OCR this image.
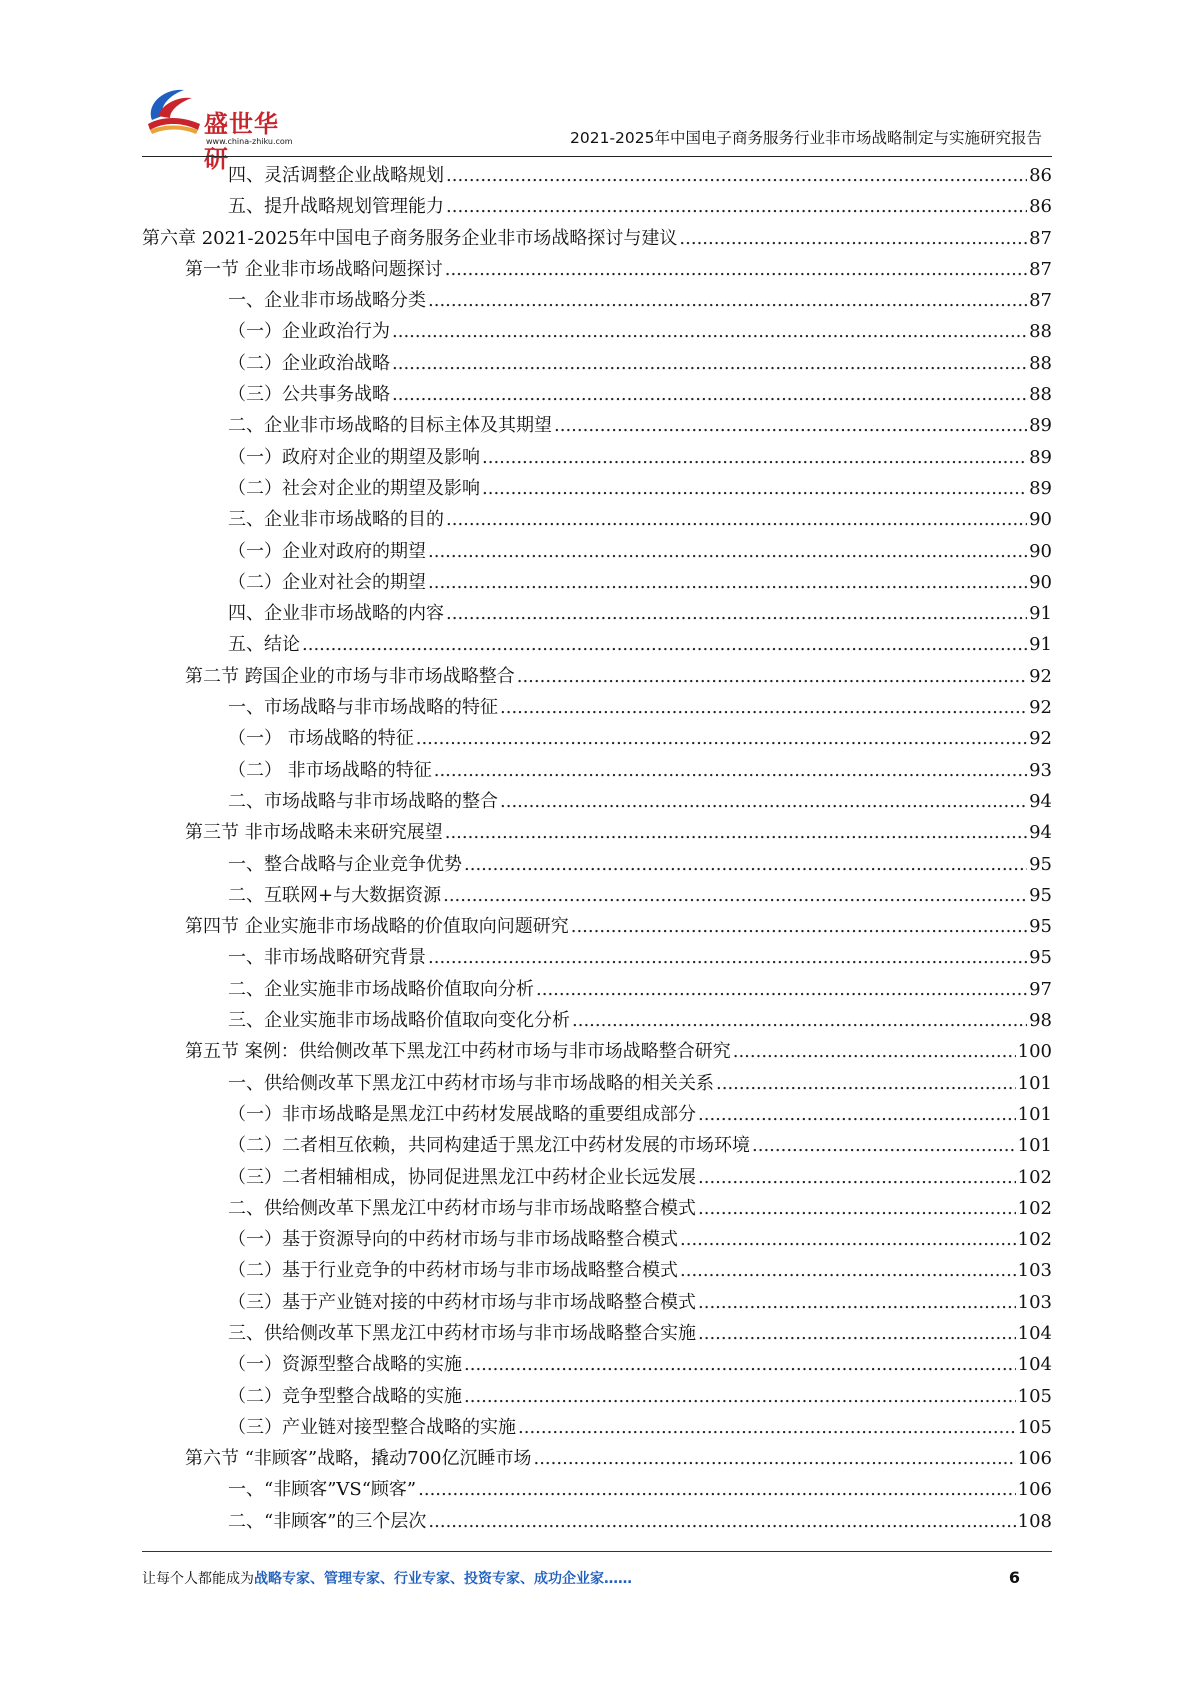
盛世华研
www.china-zhiku.com	2021-2025年中国电子商务服务行业非市场战略制定与实施研究报告
四、灵活调整企业战略规划 .....	86
五、提升战略规划管理能力 .....	86
第六章 2021-2025年中国电子商务服务企业非市场战略探讨与建议 .....	87
第一节 企业非市场战略问题探讨 .....	87
一、企业非市场战略分类 .....	87
（一）企业政治行为 .....	88
（二）企业政治战略 .....	88
（三）公共事务战略 .....	88
二、企业非市场战略的目标主体及其期望 .....	89
（一）政府对企业的期望及影响 .....	89
（二）社会对企业的期望及影响 .....	89
三、企业非市场战略的目的 .....	90
（一）企业对政府的期望 .....	90
（二）企业对社会的期望 .....	90
四、企业非市场战略的内容 .....	91
五、结论 .....	91
第二节 跨国企业的市场与非市场战略整合 .....	92
一、市场战略与非市场战略的特征 .....	92
（一） 市场战略的特征 .....	92
（二） 非市场战略的特征 .....	93
二、市场战略与非市场战略的整合 .....	94
第三节 非市场战略未来研究展望 .....	94
一、整合战略与企业竞争优势 .....	95
二、互联网+与大数据资源 .....	95
第四节 企业实施非市场战略的价值取向问题研究 .....	95
一、非市场战略研究背景 .....	95
二、企业实施非市场战略价值取向分析 .....	97
三、企业实施非市场战略价值取向变化分析 .....	98
第五节 案例：供给侧改革下黑龙江中药材市场与非市场战略整合研究 .....	100
一、供给侧改革下黑龙江中药材市场与非市场战略的相关关系 .....	101
（一）非市场战略是黑龙江中药材发展战略的重要组成部分 .....	101
（二）二者相互依赖，共同构建适于黑龙江中药材发展的市场环境 .....	101
（三）二者相辅相成，协同促进黑龙江中药材企业长远发展 .....	102
二、供给侧改革下黑龙江中药材市场与非市场战略整合模式 .....	102
（一）基于资源导向的中药材市场与非市场战略整合模式 .....	102
（二）基于行业竞争的中药材市场与非市场战略整合模式 .....	103
（三）基于产业链对接的中药材市场与非市场战略整合模式 .....	103
三、供给侧改革下黑龙江中药材市场与非市场战略整合实施 .....	104
（一）资源型整合战略的实施 .....	104
（二）竞争型整合战略的实施 .....	105
（三）产业链对接型整合战略的实施 .....	105
第六节 “非顾客”战略，撬动700亿沉睡市场 .....	106
一、“非顾客”VS“顾客” .....	106
二、“非顾客”的三个层次 .....	108
让每个人都能成为战略专家、管理专家、行业专家、投资专家、成功企业家……	6
